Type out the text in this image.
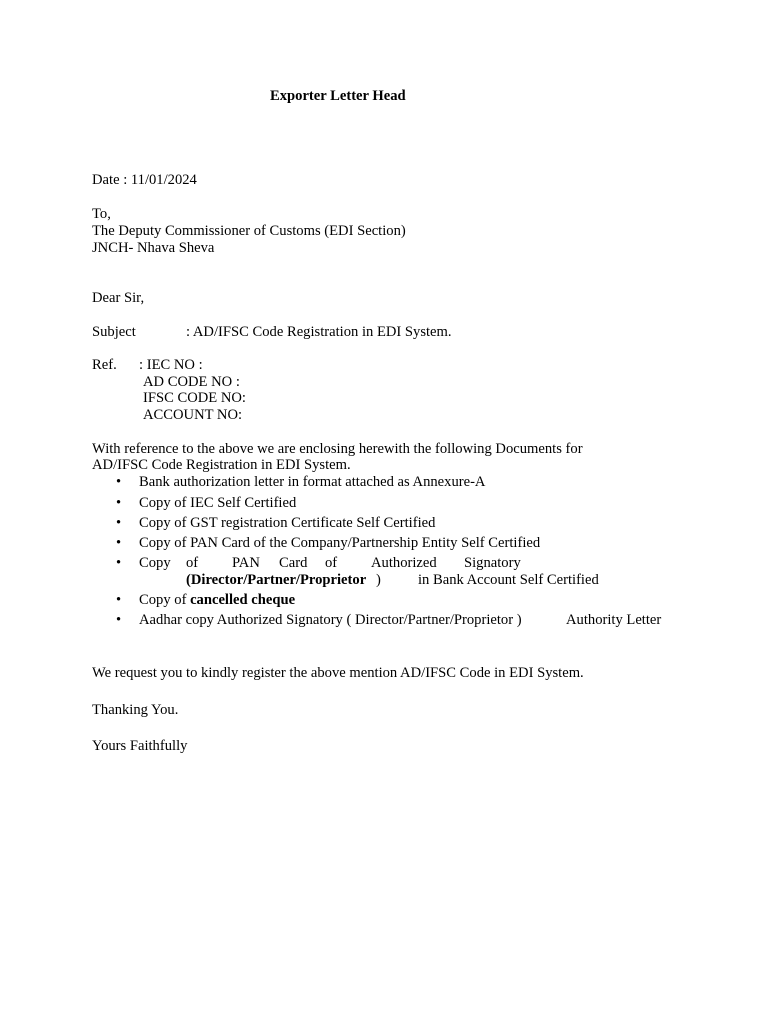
Exporter Letter Head
Date : 11/01/2024
To,
The Deputy Commissioner of Customs (EDI Section)
JNCH- Nhava Sheva
Dear Sir,
Subject	: AD/IFSC Code Registration in EDI System.
Ref. : IEC NO :
AD CODE NO :
IFSC CODE NO:
ACCOUNT NO:
With reference to the above we are enclosing herewith the following Documents for
AD/IFSC Code Registration in EDI System.
• Bank authorization letter in format attached as Annexure-A
• Copy of IEC Self Certified
• Copy of GST registration Certificate Self Certified
• Copy of PAN Card of the Company/Partnership Entity Self Certified
• Copy of PAN Card of Authorized Signatory
(Director/Partner/Proprietor )	in Bank Account Self Certified
• Copy of cancelled cheque
• Aadhar copy Authorized Signatory ( Director/Partner/Proprietor )	Authority Letter
We request you to kindly register the above mention AD/IFSC Code in EDI System.
Thanking You.
Yours Faithfully
